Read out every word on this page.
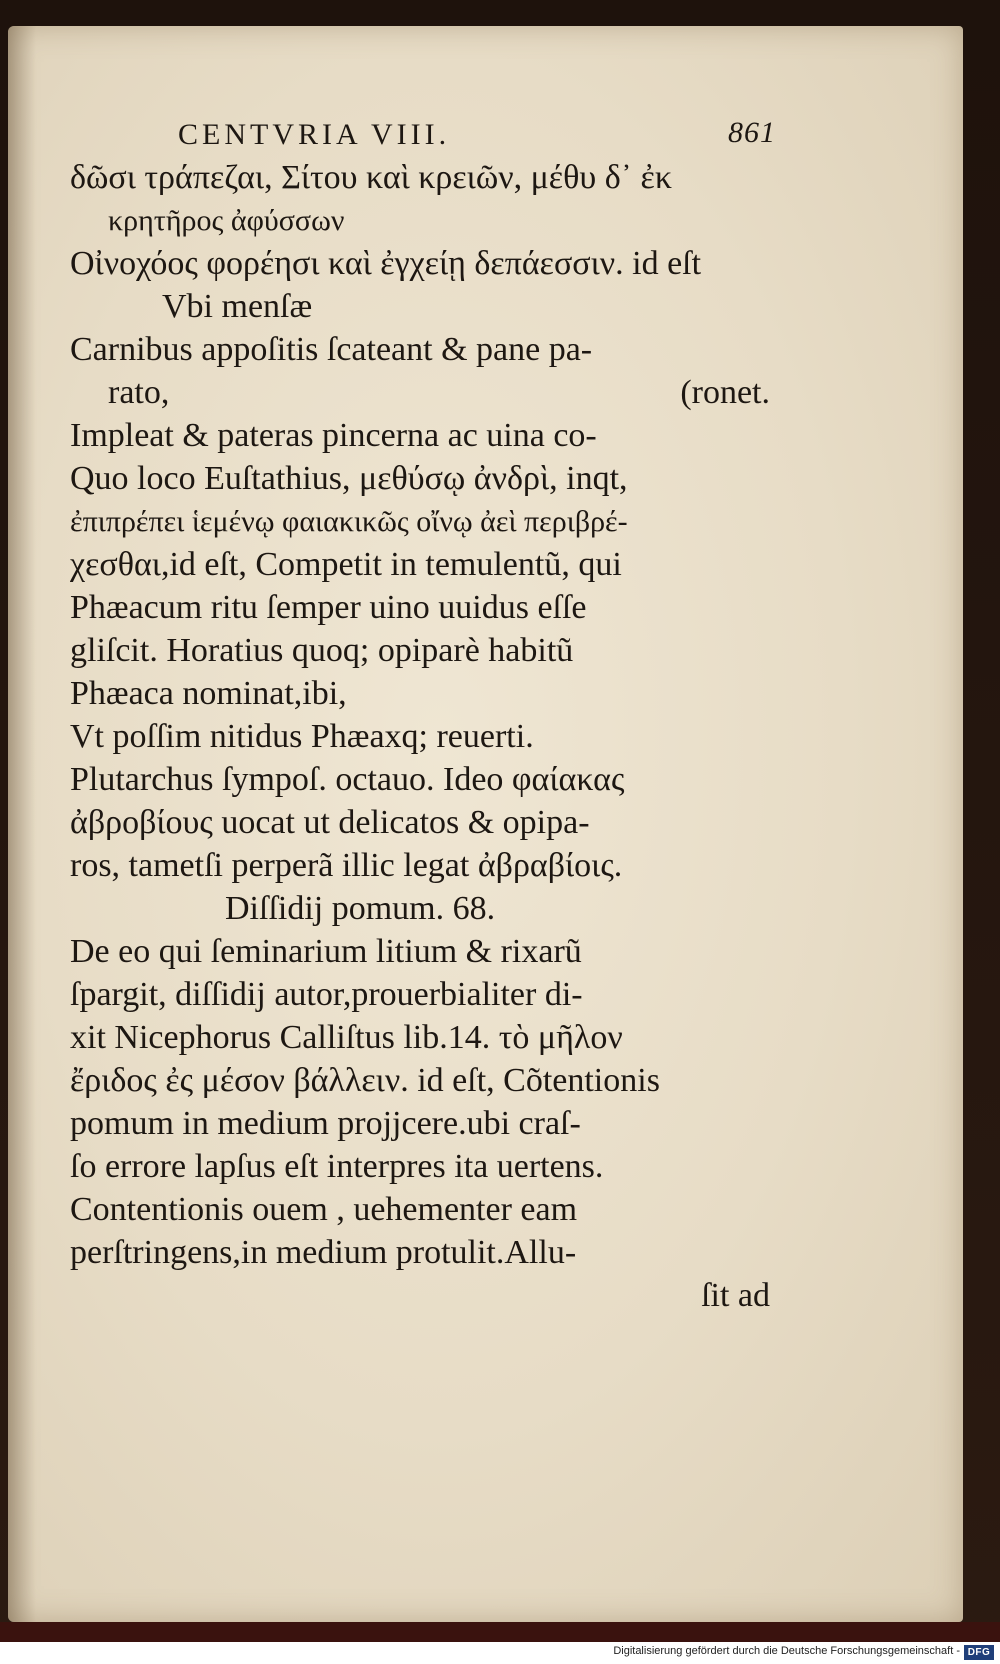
CENTVRIA VIII.	861
δῶσι τράπεζαι, Σίτου καὶ κρειῶν, μέθυ δ᾽ ἐκ
κρητῆρος ἀφύσσων
Οἰνοχόος φορέησι καὶ ἐγχείῃ δεπάεσσιν. id eſt
Vbi menſæ
Carnibus appoſitis ſcateant & pane pa-
rato,	(ronet.
Impleat & pateras pincerna ac uina co-
Quo loco Euſtathius, μεθύσῳ ἀνδρὶ, inqt,
ἐπιπρέπει ἱεμένῳ φαιακικῶς οἴνῳ ἀεὶ περιβρέ-
χεσθαι,id eſt, Competit in temulentũ, qui
Phæacum ritu ſemper uino uuidus eſſe
gliſcit. Horatius quoq; opiparè habitũ
Phæaca nominat,ibi,
Vt poſſim nitidus Phæaxq; reuerti.
Plutarchus ſympoſ. octauo. Ideo φαίακας
ἀβροβίους uocat ut delicatos & opipa-
ros, tametſi perperã illic legat ἀβραβίοις.
Diſſidij pomum. 68.
De eo qui ſeminarium litium & rixarũ
ſpargit, diſſidij autor,prouerbialiter di-
xit Nicephorus Calliſtus lib.14. τὸ μῆλον
ἔριδος ἐς μέσον βάλλειν. id eſt, Cõtentionis
pomum in medium projjcere.ubi craſ-
ſo errore lapſus eſt interpres ita uertens.
Contentionis ouem , uehementer eam
perſtringens,in medium protulit.Allu-
ſit ad
Digitalisierung gefördert durch die Deutsche Forschungsgemeinschaft - DFG
